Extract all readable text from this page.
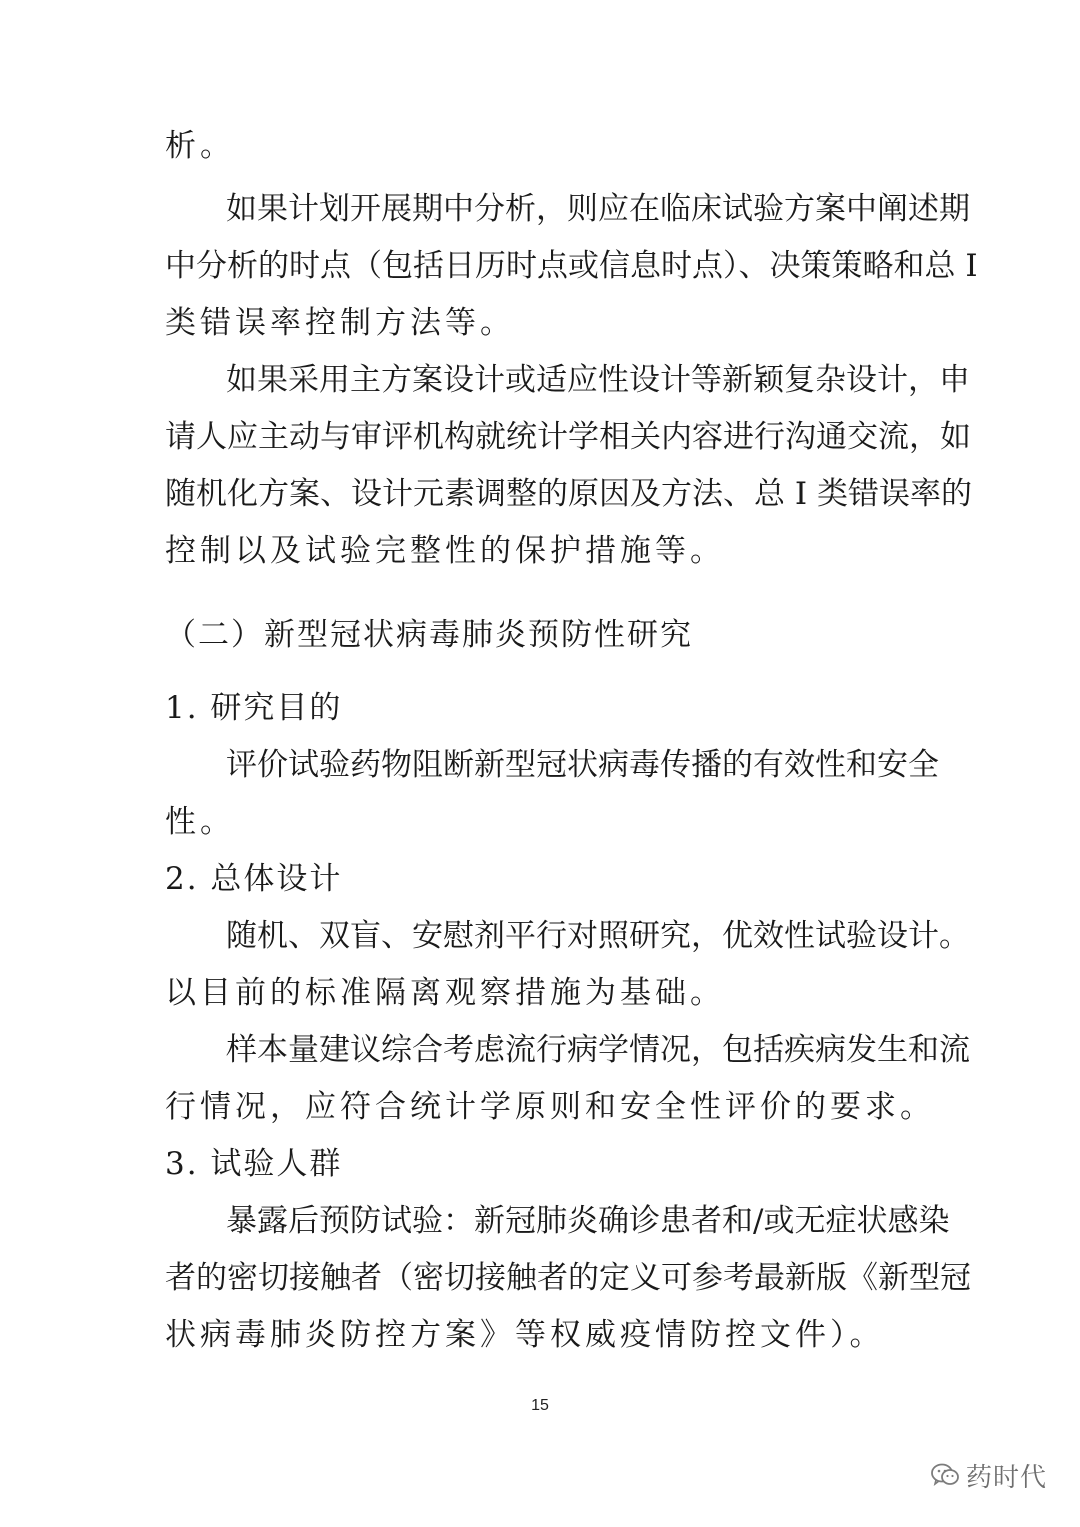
析。
如果计划开展期中分析，则应在临床试验方案中阐述期
中分析的时点（包括日历时点或信息时点）、决策策略和总 I
类错误率控制方法等。
如果采用主方案设计或适应性设计等新颖复杂设计，申
请人应主动与审评机构就统计学相关内容进行沟通交流，如
随机化方案、设计元素调整的原因及方法、总 I 类错误率的
控制以及试验完整性的保护措施等。
（二）新型冠状病毒肺炎预防性研究
1. 研究目的
评价试验药物阻断新型冠状病毒传播的有效性和安全
性。
2. 总体设计
随机、双盲、安慰剂平行对照研究，优效性试验设计。
以目前的标准隔离观察措施为基础。
样本量建议综合考虑流行病学情况，包括疾病发生和流
行情况，应符合统计学原则和安全性评价的要求。
3. 试验人群
暴露后预防试验：新冠肺炎确诊患者和/或无症状感染
者的密切接触者（密切接触者的定义可参考最新版《新型冠
状病毒肺炎防控方案》等权威疫情防控文件）。
15
药时代
